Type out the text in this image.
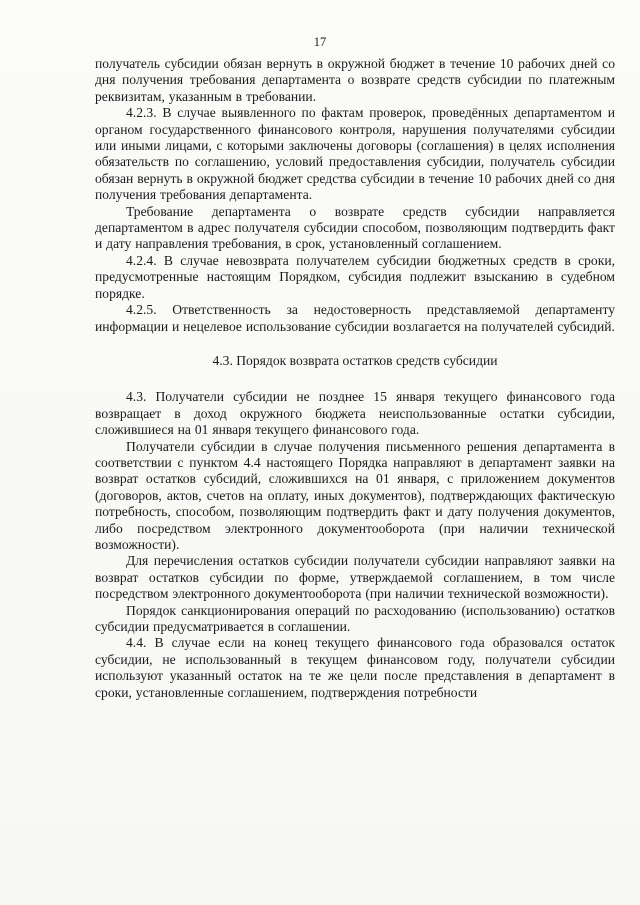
17

получатель субсидии обязан вернуть в окружной бюджет в течение 10 рабочих дней со дня получения требования департамента о возврате средств субсидии по платежным реквизитам, указанным в требовании.

4.2.3. В случае выявленного по фактам проверок, проведённых департаментом и органом государственного финансового контроля, нарушения получателями субсидии или иными лицами, с которыми заключены договоры (соглашения) в целях исполнения обязательств по соглашению, условий предоставления субсидии, получатель субсидии обязан вернуть в окружной бюджет средства субсидии в течение 10 рабочих дней со дня получения требования департамента.

Требование департамента о возврате средств субсидии направляется департаментом в адрес получателя субсидии способом, позволяющим подтвердить факт и дату направления требования, в срок, установленный соглашением.

4.2.4. В случае невозврата получателем субсидии бюджетных средств в сроки, предусмотренные настоящим Порядком, субсидия подлежит взысканию в судебном порядке.

4.2.5. Ответственность за недостоверность представляемой департаменту информации и нецелевое использование субсидии возлагается на получателей субсидий.

4.3. Порядок возврата остатков средств субсидии

4.3. Получатели субсидии не позднее 15 января текущего финансового года возвращает в доход окружного бюджета неиспользованные остатки субсидии, сложившиеся на 01 января текущего финансового года.

Получатели субсидии в случае получения письменного решения департамента в соответствии с пунктом 4.4 настоящего Порядка направляют в департамент заявки на возврат остатков субсидий, сложившихся на 01 января, с приложением документов (договоров, актов, счетов на оплату, иных документов), подтверждающих фактическую потребность, способом, позволяющим подтвердить факт и дату получения документов, либо посредством электронного документооборота (при наличии технической возможности).

Для перечисления остатков субсидии получатели субсидии направляют заявки на возврат остатков субсидии по форме, утверждаемой соглашением, в том числе посредством электронного документооборота (при наличии технической возможности).

Порядок санкционирования операций по расходованию (использованию) остатков субсидии предусматривается в соглашении.

4.4. В случае если на конец текущего финансового года образовался остаток субсидии, не использованный в текущем финансовом году, получатели субсидии используют указанный остаток на те же цели после представления в департамент в сроки, установленные соглашением, подтверждения потребности
